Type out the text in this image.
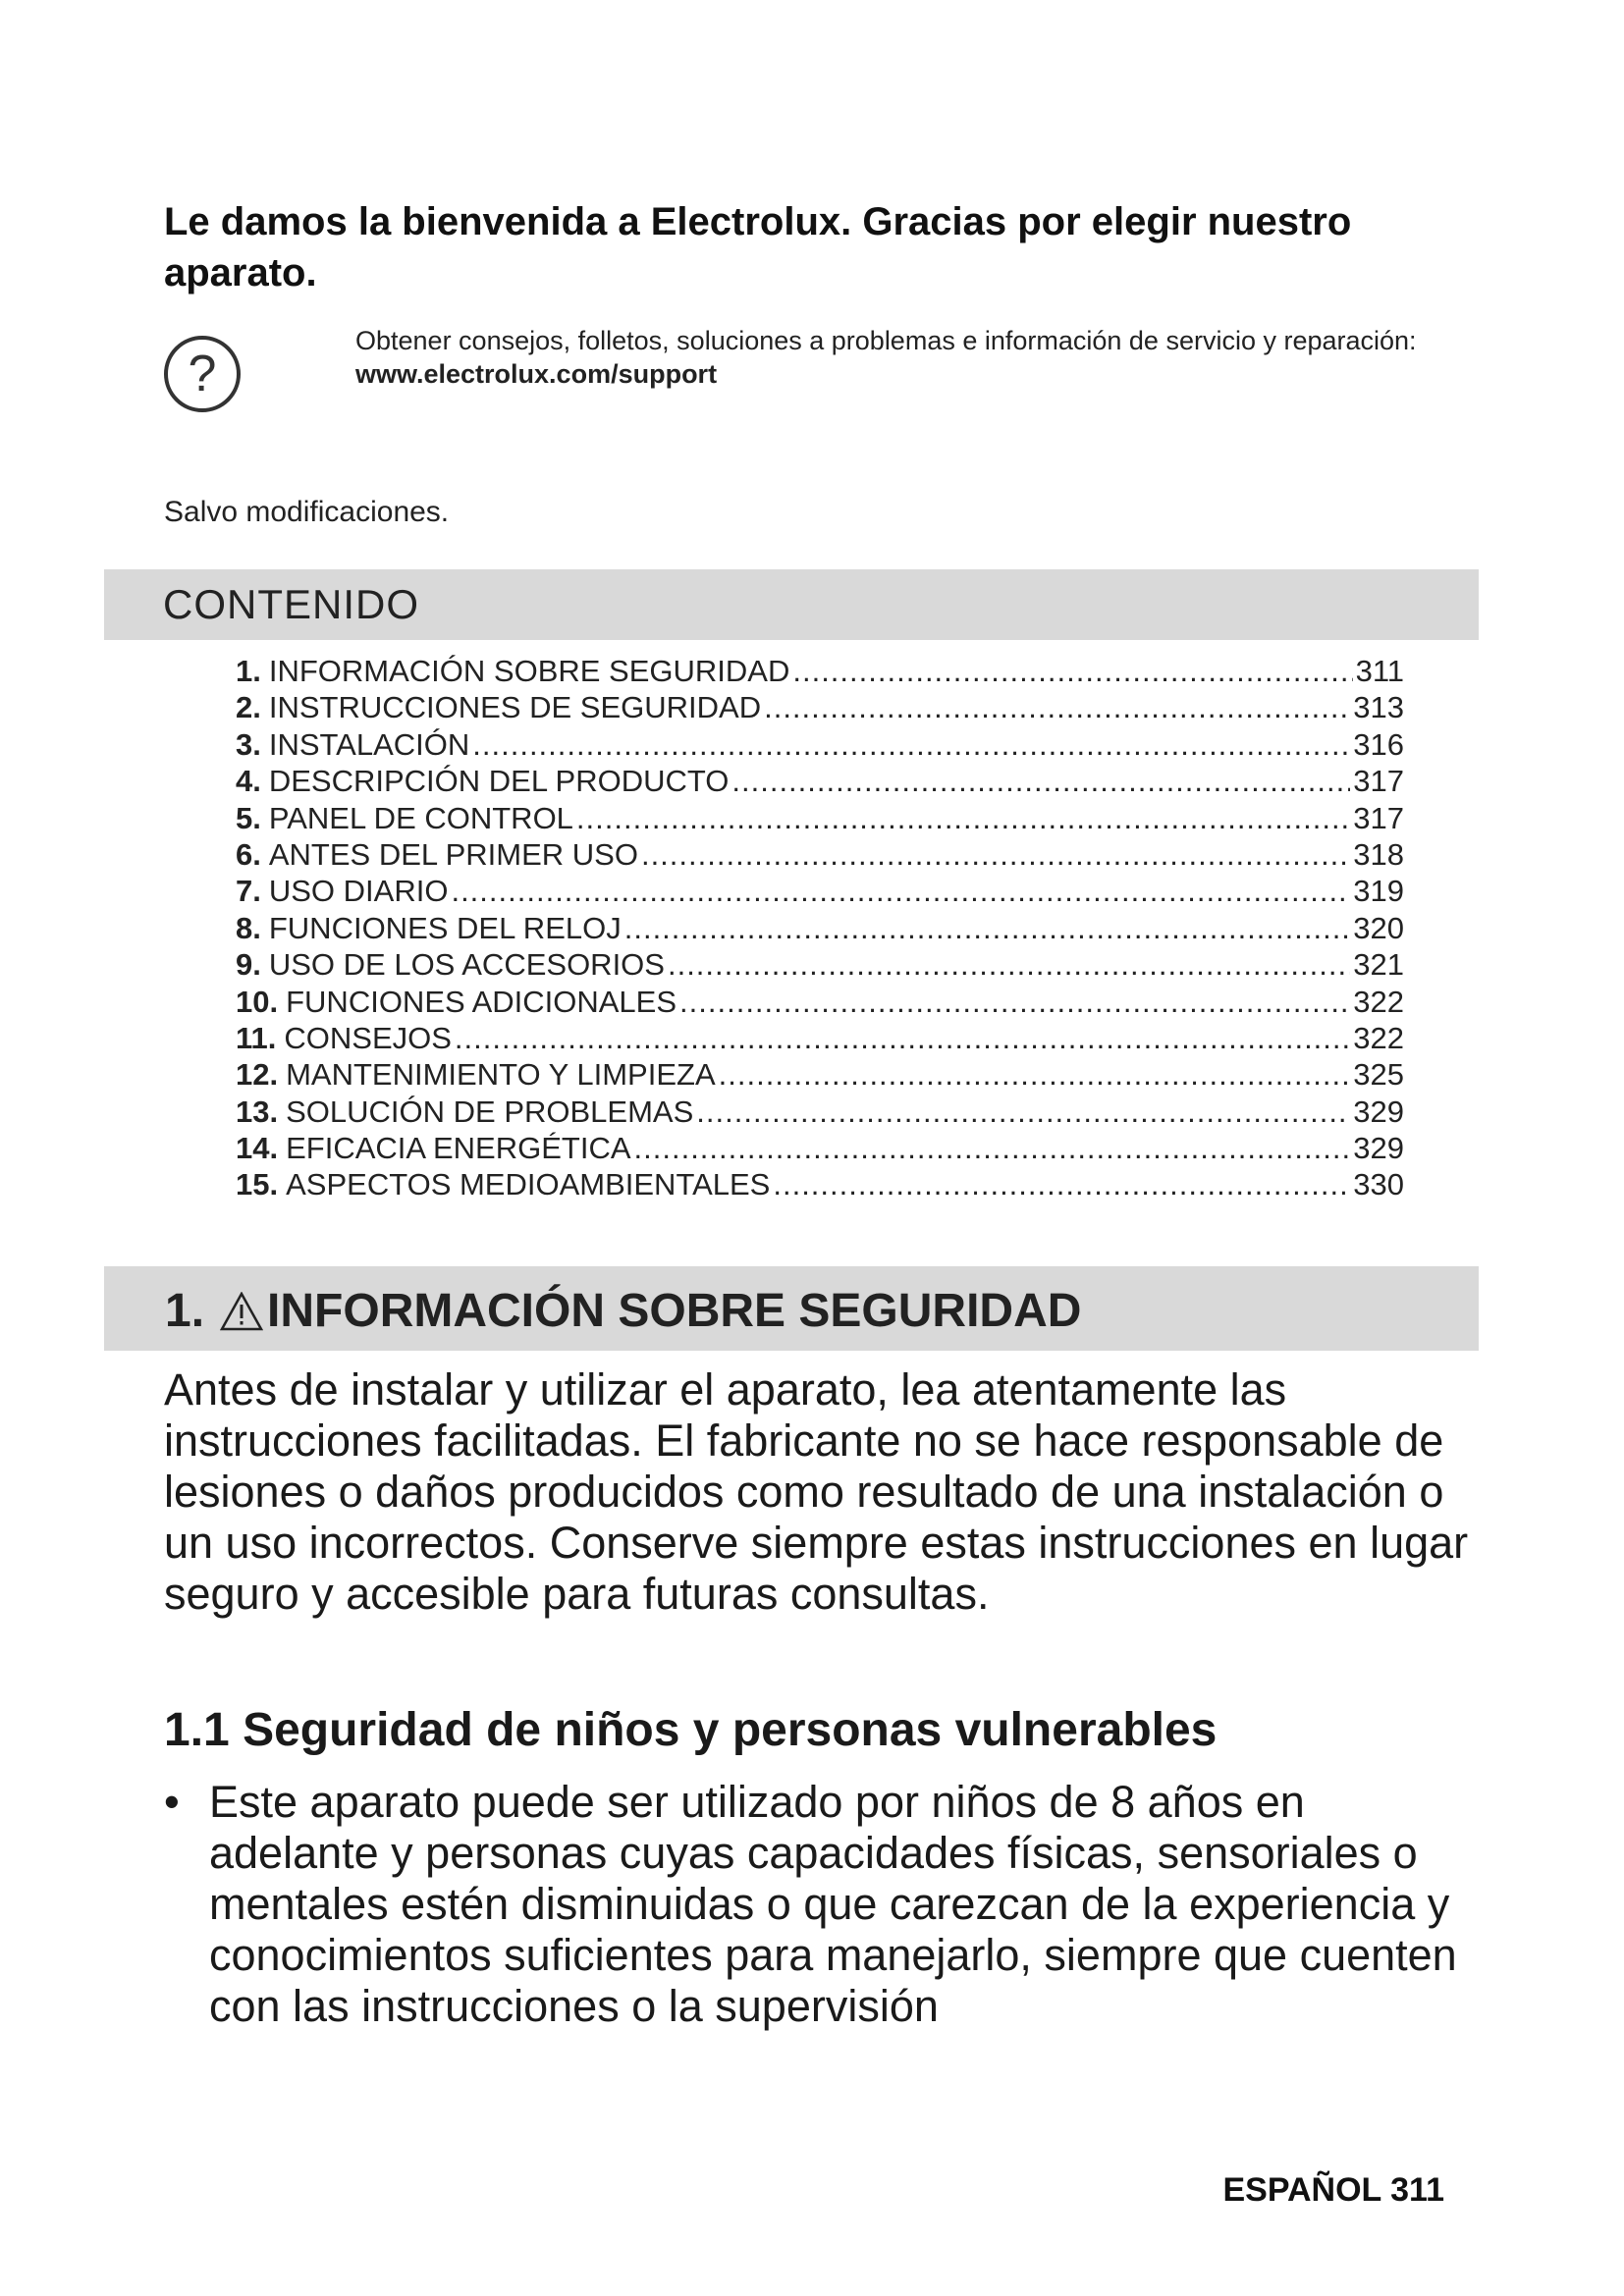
Le damos la bienvenida a Electrolux. Gracias por elegir nuestro aparato.
?
Obtener consejos, folletos, soluciones a problemas e información de servicio y reparación:
www.electrolux.com/support
Salvo modificaciones.
CONTENIDO
1. INFORMACIÓN SOBRE SEGURIDAD .....	311
2. INSTRUCCIONES DE SEGURIDAD .....	313
3. INSTALACIÓN .....	316
4. DESCRIPCIÓN DEL PRODUCTO .....	317
5. PANEL DE CONTROL .....	317
6. ANTES DEL PRIMER USO .....	318
7. USO DIARIO .....	319
8. FUNCIONES DEL RELOJ .....	320
9. USO DE LOS ACCESORIOS .....	321
10. FUNCIONES ADICIONALES .....	322
11. CONSEJOS .....	322
12. MANTENIMIENTO Y LIMPIEZA .....	325
13. SOLUCIÓN DE PROBLEMAS .....	329
14. EFICACIA ENERGÉTICA .....	329
15. ASPECTOS MEDIOAMBIENTALES .....	330
1. INFORMACIÓN SOBRE SEGURIDAD

Antes de instalar y utilizar el aparato, lea atentamente las instrucciones facilitadas. El fabricante no se hace responsable de lesiones o daños producidos como resultado de una instalación o un uso incorrectos. Conserve siempre estas instrucciones en lugar seguro y accesible para futuras consultas.

1.1 Seguridad de niños y personas vulnerables

• Este aparato puede ser utilizado por niños de 8 años en adelante y personas cuyas capacidades físicas, sensoriales o mentales estén disminuidas o que carezcan de la experiencia y conocimientos suficientes para manejarlo, siempre que cuenten con las instrucciones o la supervisión

ESPAÑOL 311
